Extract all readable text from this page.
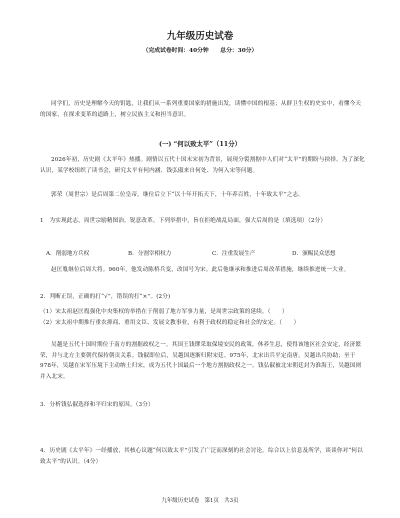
九年级历史试卷
（完成试卷时间：40分钟　　总分：30分）
同学们，历史是理解今天的钥匙，让我们从一系列重要国家的措施出发，读懂中国的根基；从群卫生权的史实中，看懂今天的国家，在探求变革的道路上，树立民族主义和担当意识。
(一) “何以致太平”（11分）
2026年初，历史剧《太平年》热播。剧情以五代十国末宋初为背景，展现分裂割据中人们对“太平”的期盼与抉择。为了深化认识，某学校组织了读书会，研究太平有何内涵、钱弘俶来自何处、为何入宋等问题。
郭荣（周世宗）是后周第二位皇帝，继位后立下“以十年开拓天下，十年养百姓，十年致太平”之志。
1　为实现此志，周世宗励精图治，锐意改革。下列举措中，旨在拒绝战乱局面，强大后周的是（填选项）（2分）
A．削弱地方兵权	B．分割宰相权力	C．注重发展生产	D．颁赐民众思想
赵匡胤继位后周大将。960年，他发动陈桥兵变，改国号为宋。此后他继承和推进后周改革措施，继续推进统一大业。
2．判断正误，正确的打“√”，错误的打“×”。(2分)
（1）宋太祖赵匡胤强化中央集权的举措在于削弱了地方军事力量，是周世宗政策的延续。（　　）
（2）宋太祖中期推行重农抑商、重用文臣、发展文教事业，有利于政权的稳定和社会的安定。（　　）
吴越是五代十国时期位于南方的割据政权之一。其国王钱镠采取保境安民的政策，休养生息，使得该地区社会安定，经济繁荣，并与北方主要朝代保持朝贡关系。钱俶即位后，吴越国逐渐归附宋廷。975年，北宋出兵平定南唐，吴越出兵协助；至于978年，吴越在宋军压境下主动纳土归宋，成为五代十国最后一个地方割据政权之一，钱弘俶被北宋朝廷封为淮海王，吴越国则并入北宋。
3．分析钱弘俶选择和平归宋的原因。（3分）
4．历史剧《太平年》一经播放，其核心议题“何以致太平”引发了广泛而深刻的社会讨论。综合以上信息及所学，谈谈你对“何以致太平”的认识。（4分）
九年级历史试卷　第1页　共3页
